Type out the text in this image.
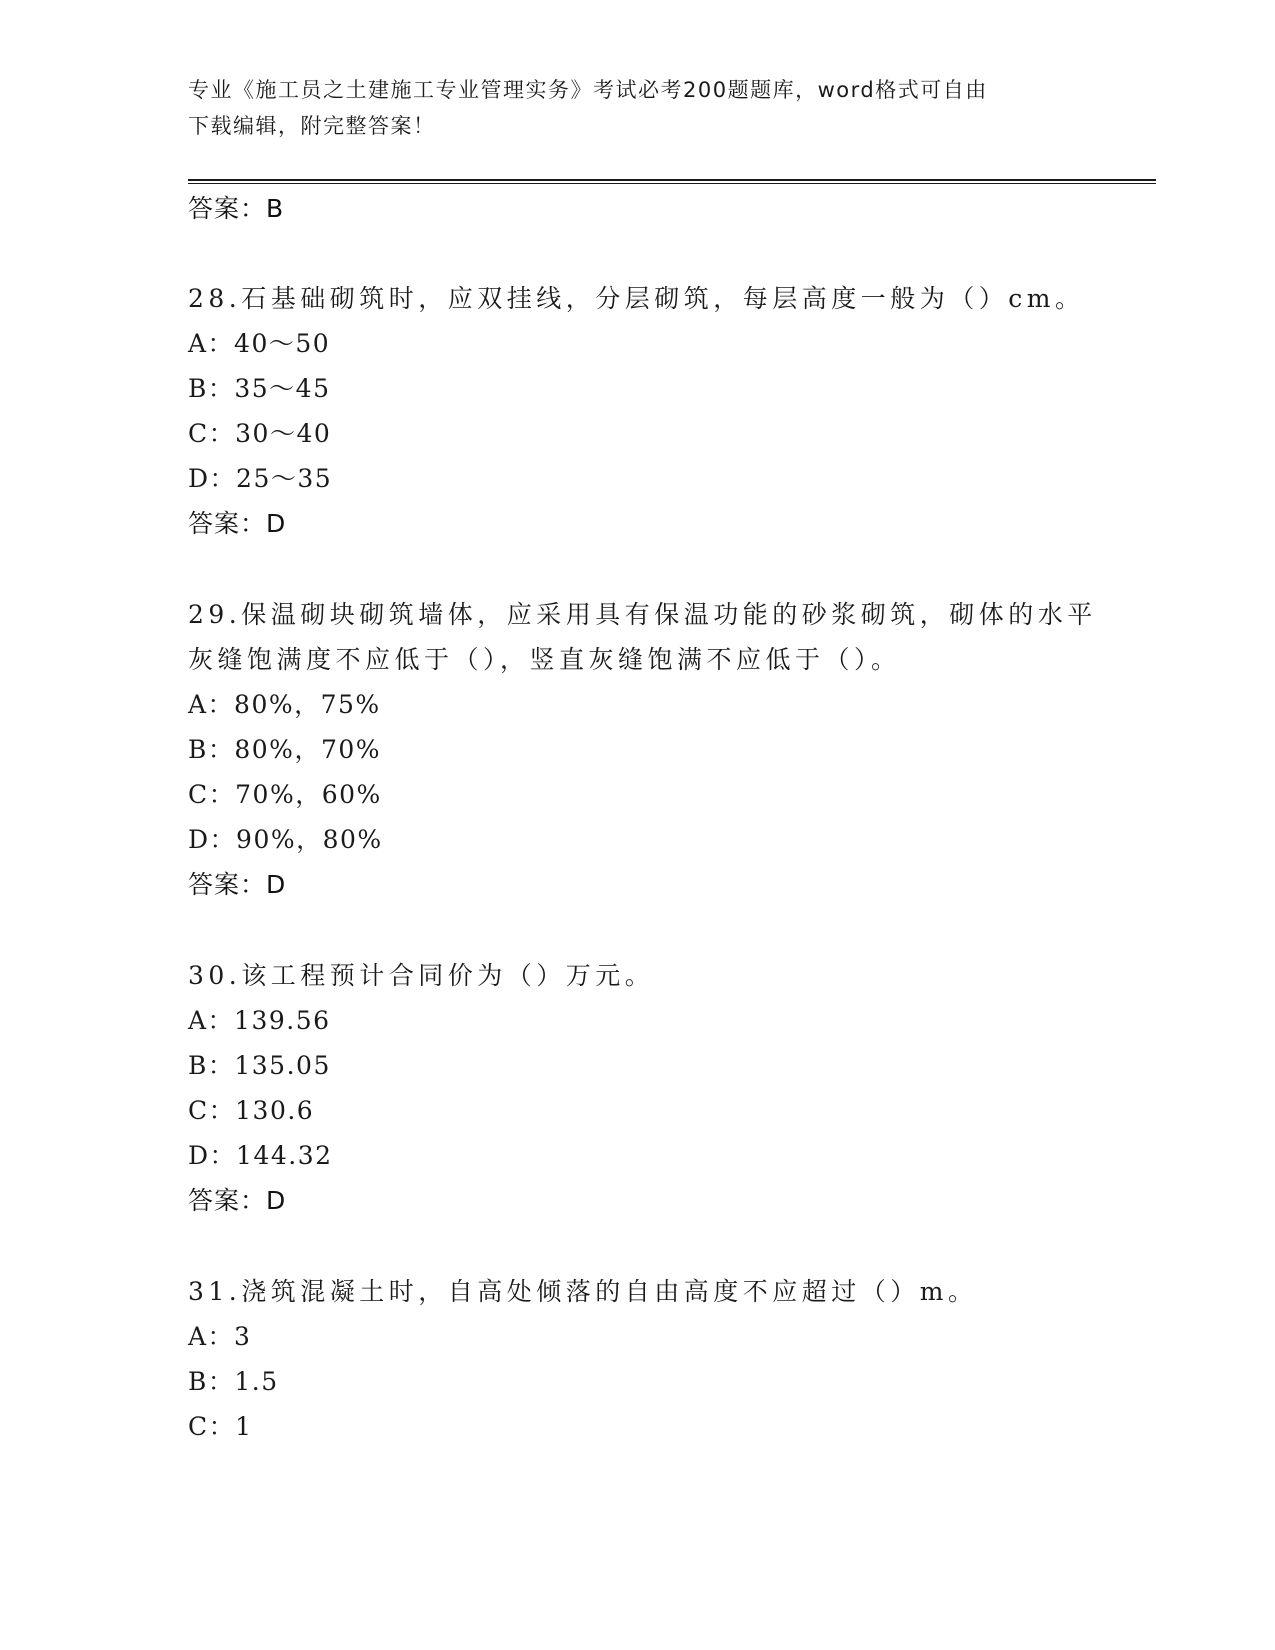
专业《施工员之土建施工专业管理实务》考试必考200题题库，word格式可自由
下载编辑，附完整答案！
答案：B
28.石基础砌筑时，应双挂线，分层砌筑，每层高度一般为（）cm。
A：40～50
B：35～45
C：30～40
D：25～35
答案：D
29.保温砌块砌筑墙体，应采用具有保温功能的砂浆砌筑，砌体的水平
灰缝饱满度不应低于（），竖直灰缝饱满不应低于（）。
A：80%，75%
B：80%，70%
C：70%，60%
D：90%，80%
答案：D
30.该工程预计合同价为（）万元。
A：139.56
B：135.05
C：130.6
D：144.32
答案：D
31.浇筑混凝土时，自高处倾落的自由高度不应超过（）m。
A：3
B：1.5
C：1
